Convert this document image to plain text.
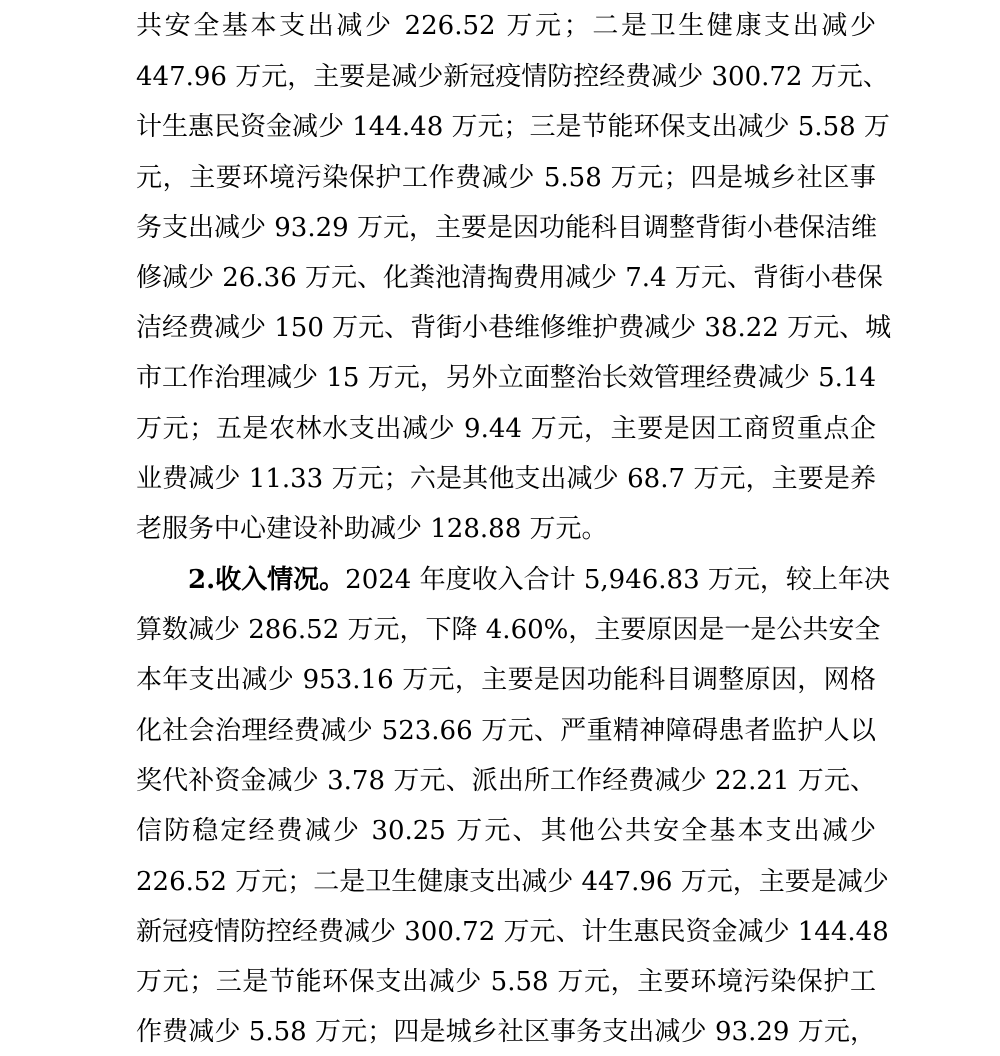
共安全基本支出减少 226.52 万元；二是卫生健康支出减少
447.96 万元，主要是减少新冠疫情防控经费减少 300.72 万元、
计生惠民资金减少 144.48 万元；三是节能环保支出减少 5.58 万
元，主要环境污染保护工作费减少 5.58 万元；四是城乡社区事
务支出减少 93.29 万元，主要是因功能科目调整背街小巷保洁维
修减少 26.36 万元、化粪池清掏费用减少 7.4 万元、背街小巷保
洁经费减少 150 万元、背街小巷维修维护费减少 38.22 万元、城
市工作治理减少 15 万元，另外立面整治长效管理经费减少 5.14
万元；五是农林水支出减少 9.44 万元，主要是因工商贸重点企
业费减少 11.33 万元；六是其他支出减少 68.7 万元，主要是养
老服务中心建设补助减少 128.88 万元。
2.收入情况。2024 年度收入合计 5,946.83 万元，较上年决
算数减少 286.52 万元，下降 4.60%，主要原因是一是公共安全
本年支出减少 953.16 万元，主要是因功能科目调整原因，网格
化社会治理经费减少 523.66 万元、严重精神障碍患者监护人以
奖代补资金减少 3.78 万元、派出所工作经费减少 22.21 万元、
信防稳定经费减少 30.25 万元、其他公共安全基本支出减少
226.52 万元；二是卫生健康支出减少 447.96 万元，主要是减少
新冠疫情防控经费减少 300.72 万元、计生惠民资金减少 144.48
万元；三是节能环保支出减少 5.58 万元，主要环境污染保护工
作费减少 5.58 万元；四是城乡社区事务支出减少 93.29 万元，
